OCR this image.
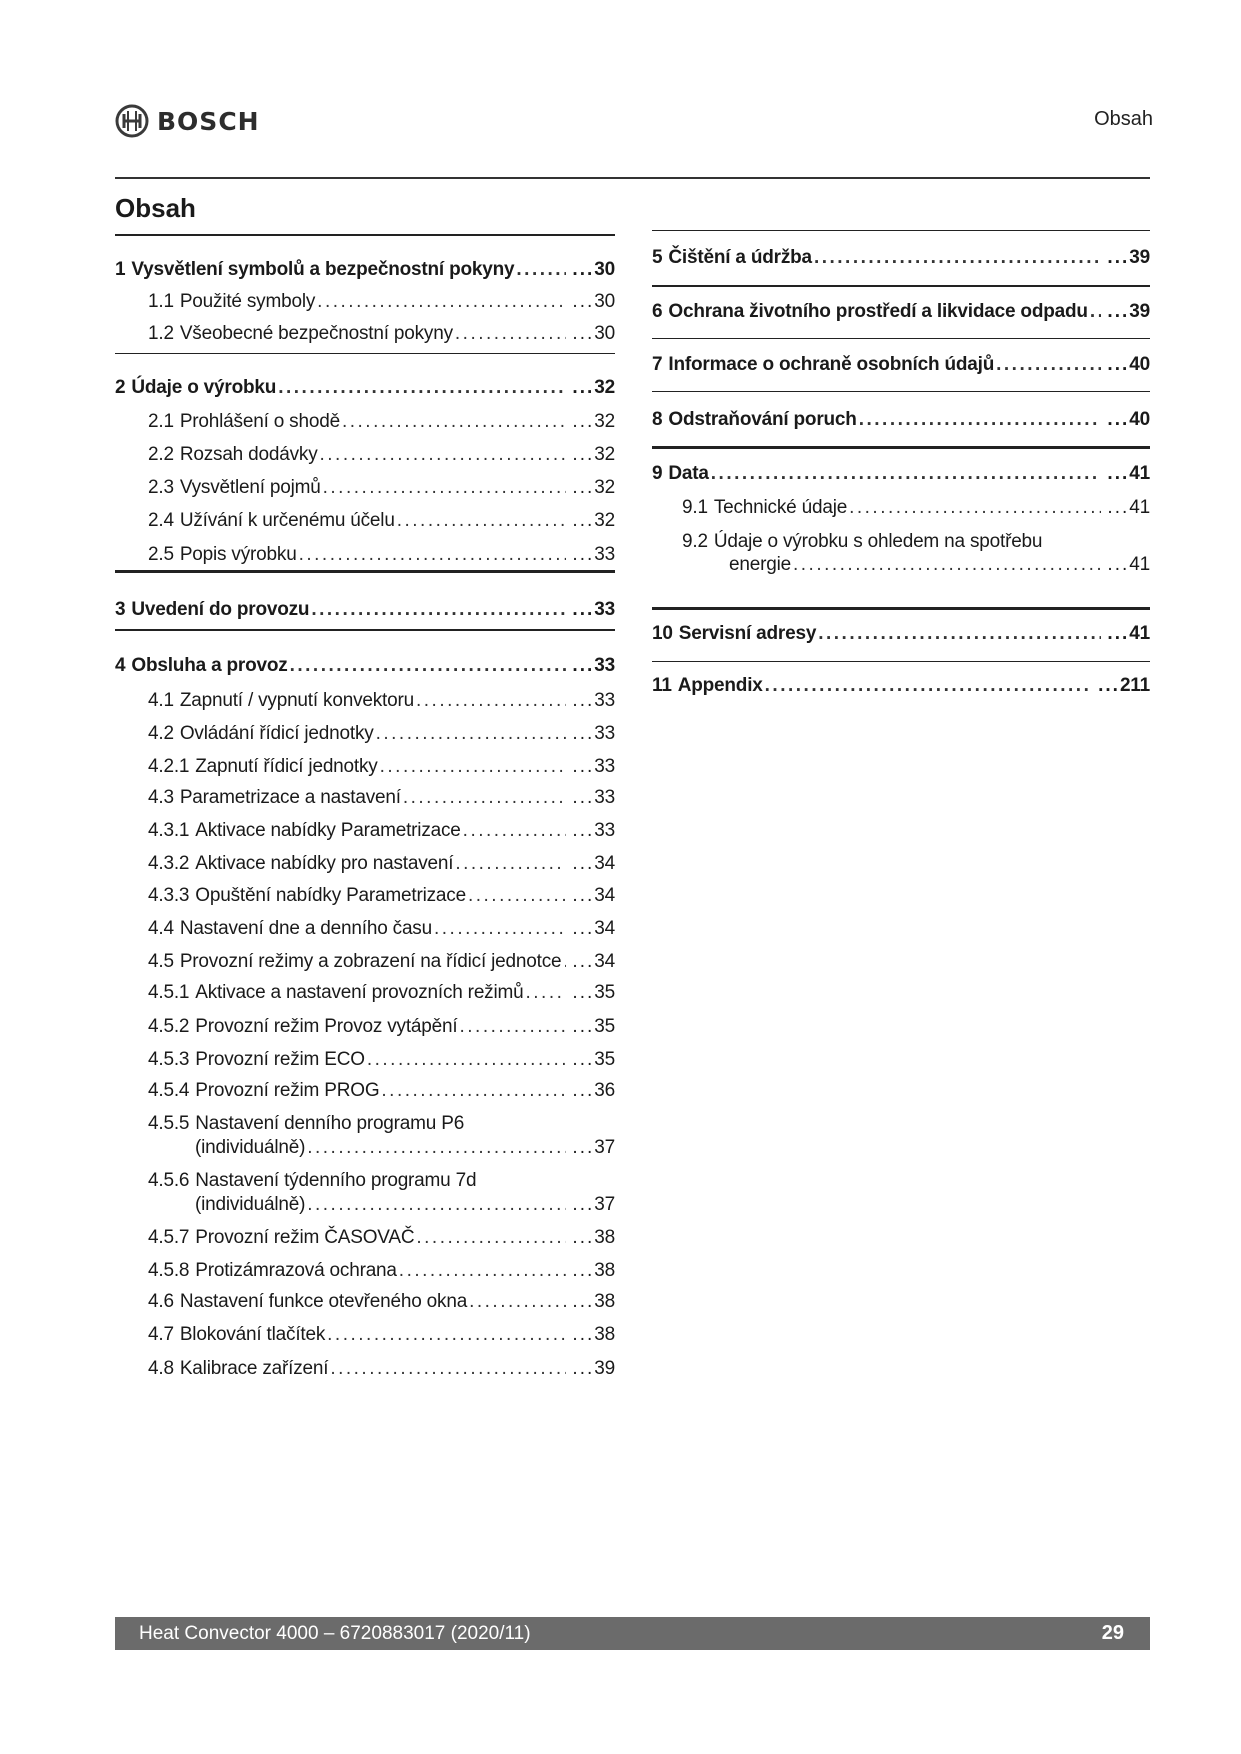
BOSCH	Obsah
Obsah
1 Vysvětlení symbolů a bezpečnostní pokyny .....	... 30
1.1 Použité symboly .....	... 30
1.2 Všeobecné bezpečnostní pokyny .....	... 30
2 Údaje o výrobku .....	... 32
2.1 Prohlášení o shodě .....	... 32
2.2 Rozsah dodávky .....	... 32
2.3 Vysvětlení pojmů .....	... 32
2.4 Užívání k určenému účelu .....	... 32
2.5 Popis výrobku .....	... 33
3 Uvedení do provozu .....	... 33
4 Obsluha a provoz .....	... 33
4.1 Zapnutí / vypnutí konvektoru .....	... 33
4.2 Ovládání řídicí jednotky .....	... 33
4.2.1 Zapnutí řídicí jednotky .....	... 33
4.3 Parametrizace a nastavení .....	... 33
4.3.1 Aktivace nabídky Parametrizace .....	... 33
4.3.2 Aktivace nabídky pro nastavení .....	... 34
4.3.3 Opuštění nabídky Parametrizace .....	... 34
4.4 Nastavení dne a denního času .....	... 34
4.5 Provozní režimy a zobrazení na řídicí jednotce ..... ... 34
4.5.1 Aktivace a nastavení provozních režimů .....	... 35
4.5.2 Provozní režim Provoz vytápění .....	... 35
4.5.3 Provozní režim ECO .....	... 35
4.5.4 Provozní režim PROG .....	... 36
4.5.5 Nastavení denního programu P6
(individuálně) .....	... 37
4.5.6 Nastavení týdenního programu 7d
(individuálně) .....	... 37
4.5.7 Provozní režim ČASOVAČ .....	... 38
4.5.8 Protizámrazová ochrana .....	... 38
4.6 Nastavení funkce otevřeného okna .....	... 38
4.7 Blokování tlačítek .....	... 38
4.8 Kalibrace zařízení .....	... 39
5 Čištění a údržba .....	... 39
6 Ochrana životního prostředí a likvidace odpadu ..... ... 39
7 Informace o ochraně osobních údajů .....	... 40
8 Odstraňování poruch .....	... 40
9 Data .....	... 41
9.1 Technické údaje .....	... 41
9.2 Údaje o výrobku s ohledem na spotřebu
energie .....	... 41
10 Servisní adresy .....	... 41
11 Appendix .....	... 211
Heat Convector 4000 – 6720883017 (2020/11)	29
